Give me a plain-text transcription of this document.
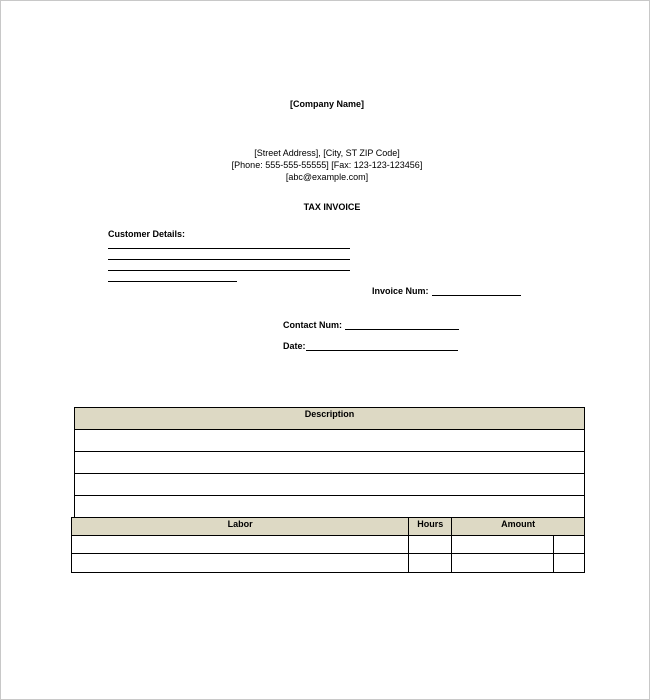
[Company Name]
[Street Address], [City, ST ZIP Code]
[Phone: 555-555-55555] [Fax: 123-123-123456]
[abc@example.com]
TAX INVOICE
Customer Details:
Invoice Num:
Contact Num:
Date:
Description

Labor	Hours	Amount	
